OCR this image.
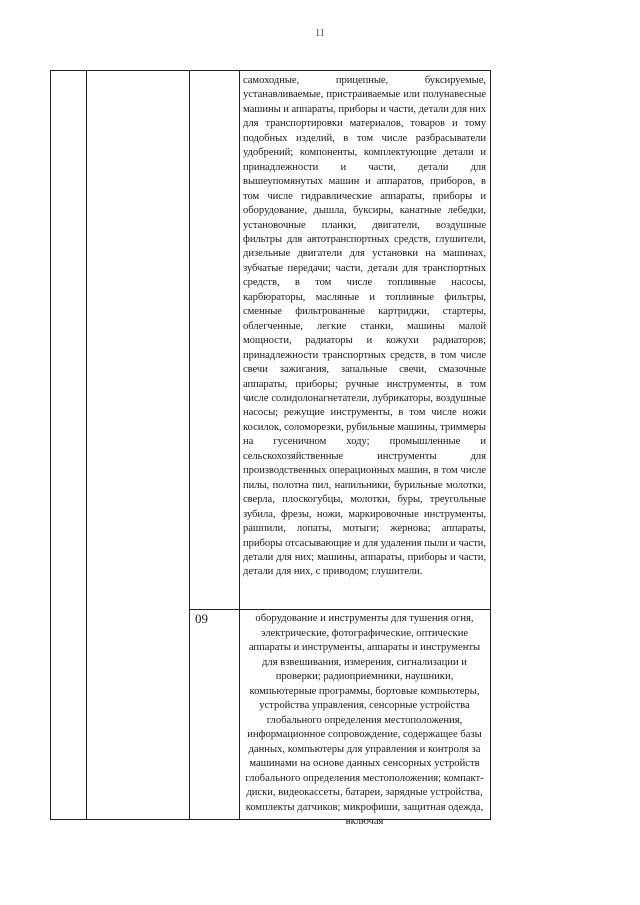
11
самоходные, прицепные, буксируемые, устанавливаемые, пристраиваемые или полунавесные машины и аппараты, приборы и части, детали для них для транспортировки материалов, товаров и тому подобных изделий, в том числе разбрасыватели удобрений; компоненты, комплектующие детали и принадлежности и части, детали для вышеупомянутых машин и аппаратов, приборов, в том числе гидравлические аппараты, приборы и оборудование, дышла, буксиры, канатные лебедки, установочные планки, двигатели, воздушные фильтры для автотранспортных средств, глушители, дизельные двигатели для установки на машинах, зубчатые передачи; части, детали для транспортных средств, в том числе топливные насосы, карбюраторы, масляные и топливные фильтры, сменные фильтрованные картриджи, стартеры, облегченные, легкие станки, машины малой мощности, радиаторы и кожухи радиаторов; принадлежности транспортных средств, в том числе свечи зажигания, запальные свечи, смазочные аппараты, приборы; ручные инструменты, в том числе солидолонагнетатели, лубрикаторы, воздушные насосы; режущие инструменты, в том числе ножи косилок, соломорезки, рубильные машины, триммеры на гусеничном ходу; промышленные и сельскохозяйственные инструменты для производственных операционных машин, в том числе пилы, полотна пил, напильники, бурильные молотки, сверла, плоскогубцы, молотки, буры, треугольные зубила, фрезы, ножи, маркировочные инструменты, рашпили, лопаты, мотыги; жернова; аппараты, приборы отсасывающие и для удаления пыли и части, детали для них; машины, аппараты, приборы и части, детали для них, с приводом; глушители.
09	оборудование и инструменты для тушения огня, электрические, фотографические, оптические аппараты и инструменты, аппараты и инструменты для взвешивания, измерения, сигнализации и проверки; радиоприемники, наушники, компьютерные программы, бортовые компьютеры, устройства управления, сенсорные устройства глобального определения местоположения, информационное сопровождение, содержащее базы данных, компьютеры для управления и контроля за машинами на основе данных сенсорных устройств глобального определения местоположения; компакт-диски, видеокассеты, батареи, зарядные устройства, комплекты датчиков; микрофиши, защитная одежда, включая
